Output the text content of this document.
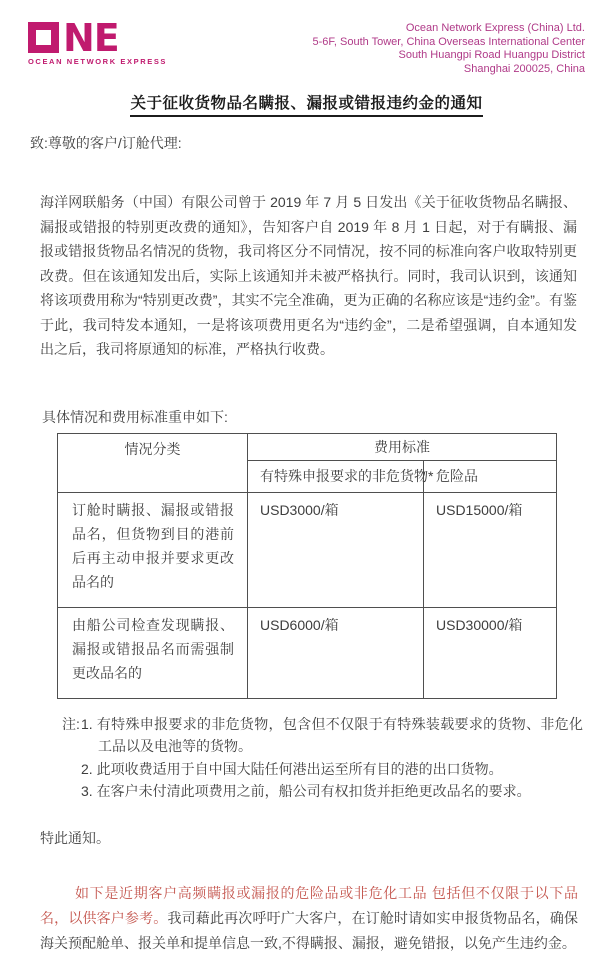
NE
OCEAN NETWORK EXPRESS
Ocean Network Express (China) Ltd.
5-6F, South Tower, China Overseas International Center
South Huangpi Road Huangpu District
Shanghai 200025, China
关于征收货物品名瞒报、漏报或错报违约金的通知
致:尊敬的客户/订舱代理:
海洋网联船务（中国）有限公司曾于 2019 年 7 月 5 日发出《关于征收货物品名瞒报、漏报或错报的特别更改费的通知》，告知客户自 2019 年 8 月 1 日起，对于有瞒报、漏报或错报货物品名情况的货物，我司将区分不同情况，按不同的标准向客户收取特别更改费。但在该通知发出后，实际上该通知并未被严格执行。同时，我司认识到，该通知将该项费用称为“特别更改费”，其实不完全准确，更为正确的名称应该是“违约金”。有鉴于此，我司特发本通知，一是将该项费用更名为“违约金”，二是希望强调，自本通知发出之后，我司将原通知的标准，严格执行收费。
具体情况和费用标准重申如下:
情况分类	费用标准	
	有特殊申报要求的非危货物*	危险品
订舱时瞒报、漏报或错报品名，但货物到目的港前后再主动申报并要求更改品名的	USD3000/箱	USD15000/箱
由船公司检查发现瞒报、漏报或错报品名而需强制更改品名的	USD6000/箱	USD30000/箱
注: 1. 有特殊申报要求的非危货物，包含但不仅限于有特殊装载要求的货物、非危化工品以及电池等的货物。
2. 此项收费适用于自中国大陆任何港出运至所有目的港的出口货物。
3. 在客户未付清此项费用之前，船公司有权扣货并拒绝更改品名的要求。
特此通知。
如下是近期客户高频瞒报或漏报的危险品或非危化工品 包括但不仅限于以下品名，以供客户参考。我司藉此再次呼吁广大客户，在订舱时请如实申报货物品名，确保海关预配舱单、报关单和提单信息一致,不得瞒报、漏报，避免错报，以免产生违约金。
